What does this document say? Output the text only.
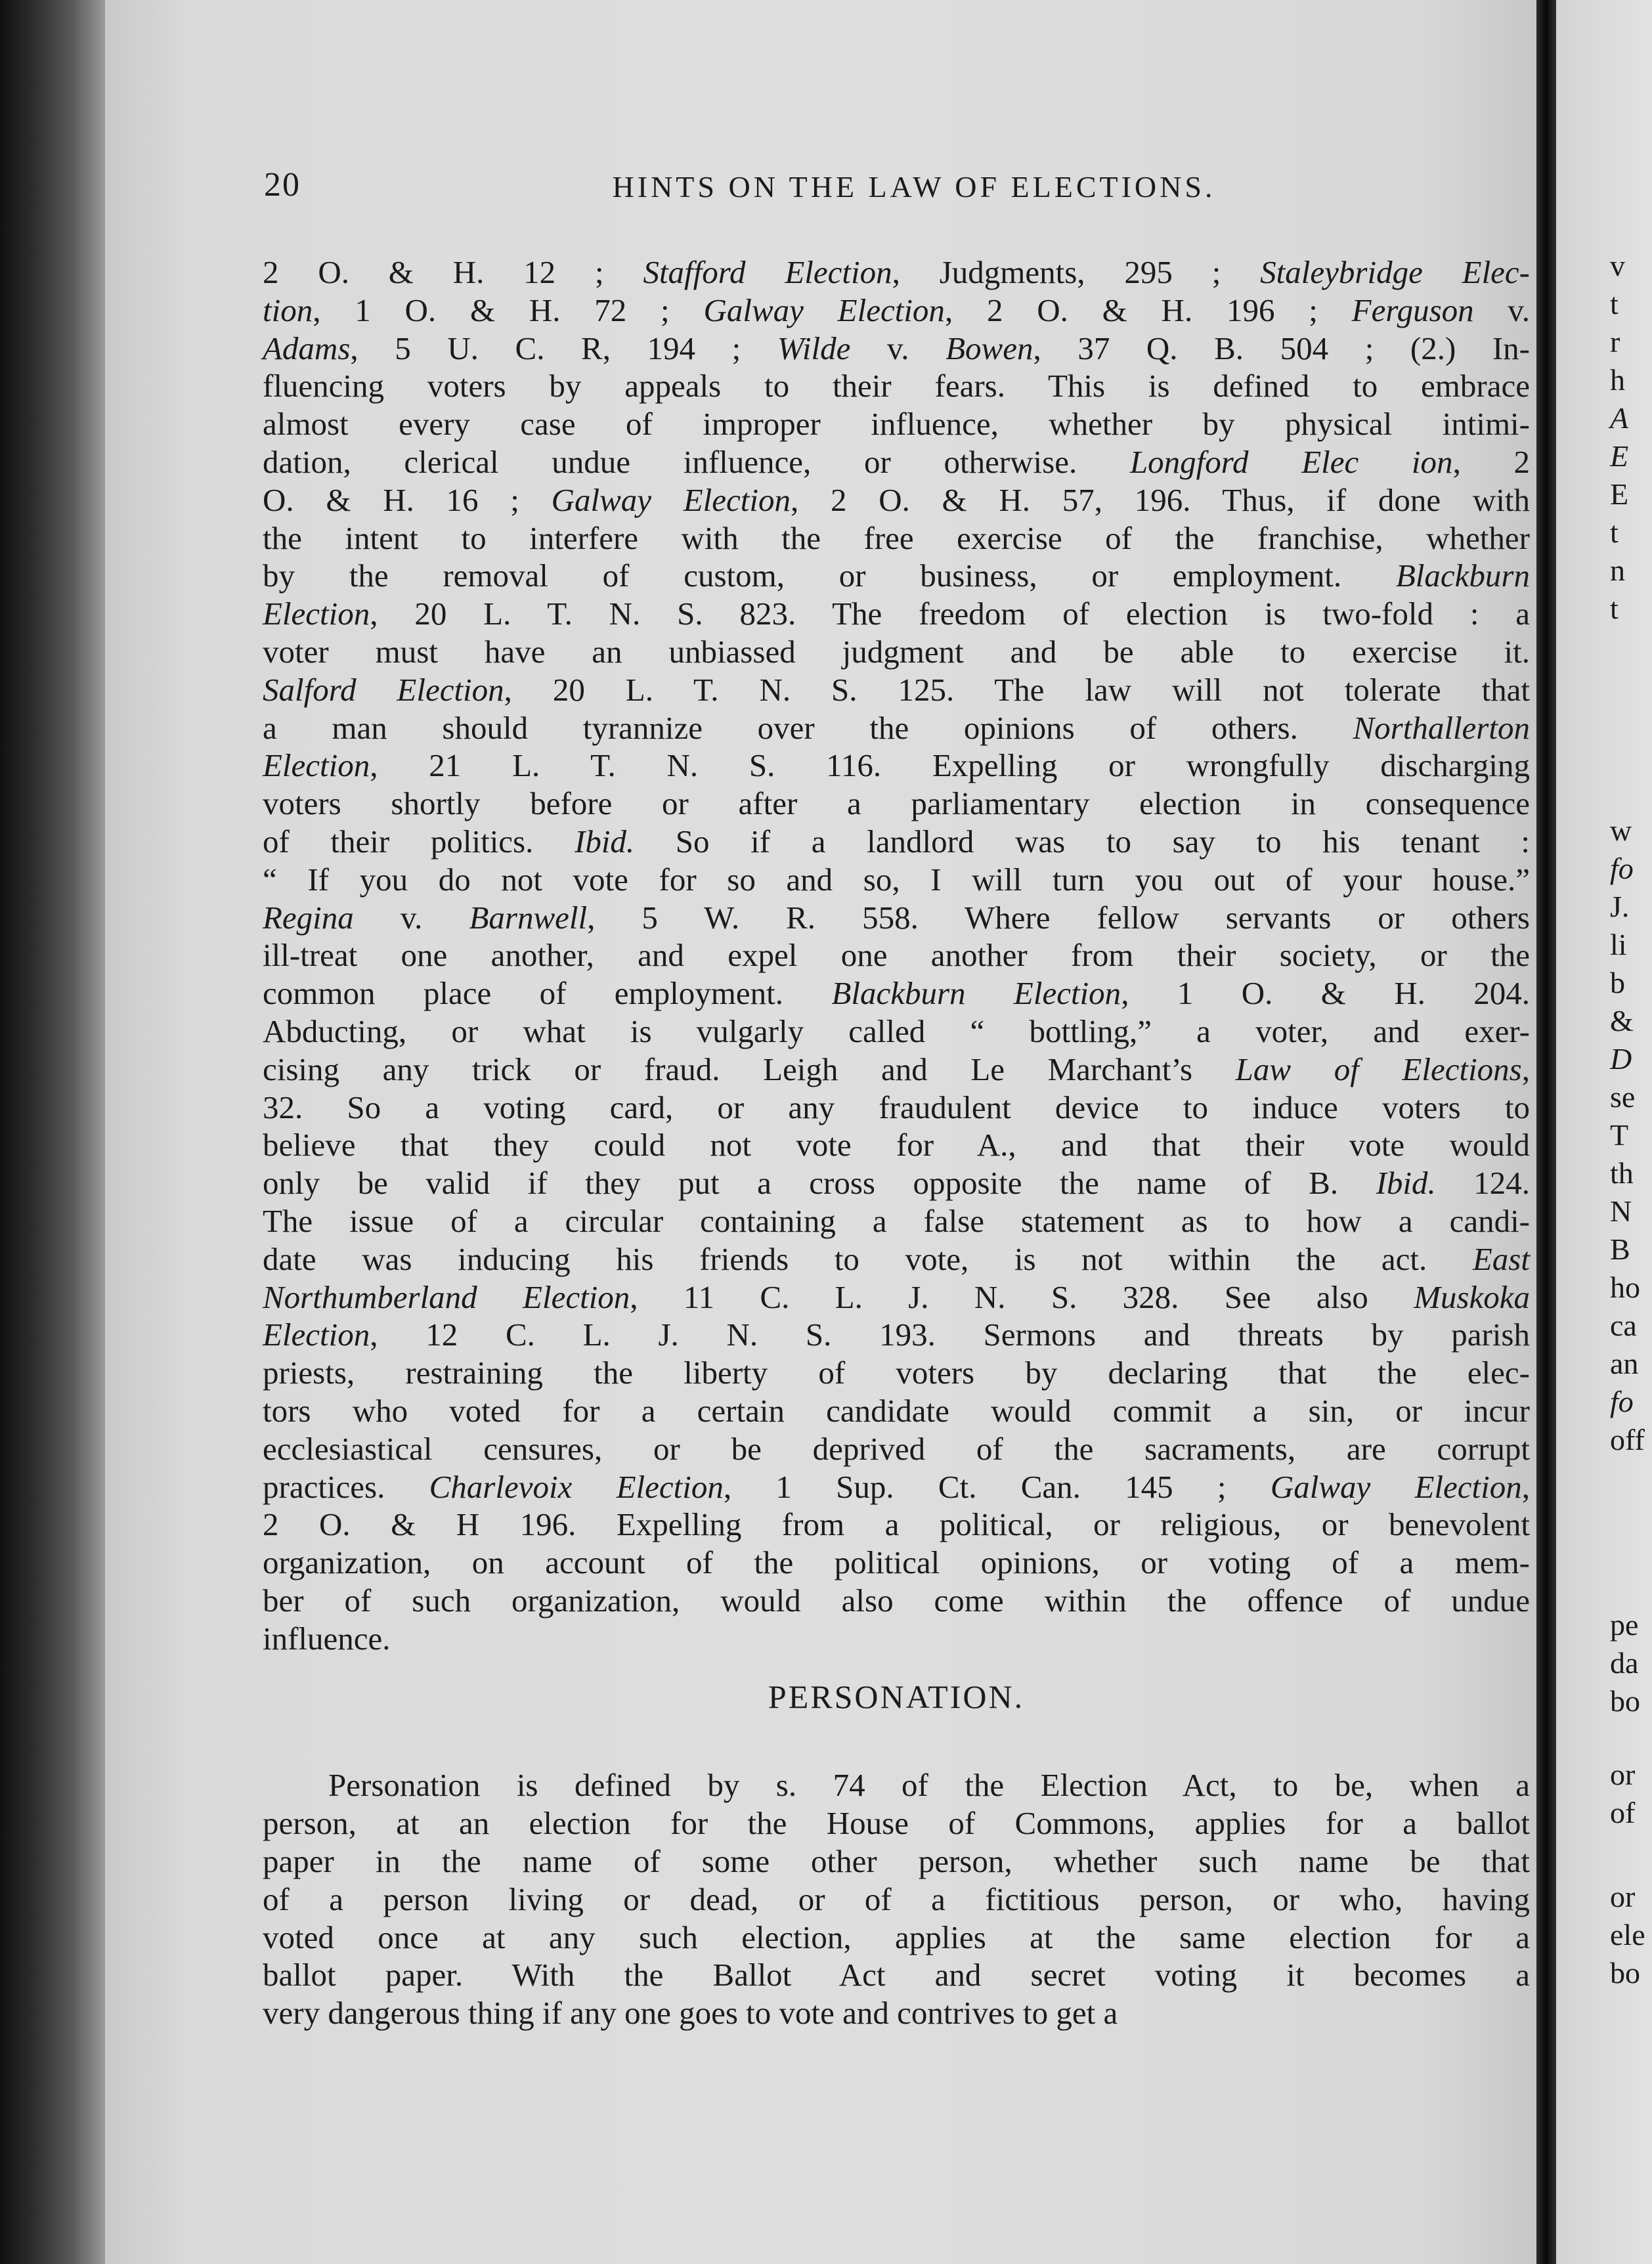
20	HINTS ON THE LAW OF ELECTIONS.
2 O. & H. 12 ; Stafford Election, Judgments, 295 ; Staleybridge Elec-
tion, 1 O. & H. 72 ; Galway Election, 2 O. & H. 196 ; Ferguson v.
Adams, 5 U. C. R, 194 ; Wilde v. Bowen, 37 Q. B. 504 ; (2.) In-
fluencing voters by appeals to their fears. This is defined to embrace
almost every case of improper influence, whether by physical intimi-
dation, clerical undue influence, or otherwise. Longford Elec ion, 2
O. & H. 16 ; Galway Election, 2 O. & H. 57, 196. Thus, if done with
the intent to interfere with the free exercise of the franchise, whether
by the removal of custom, or business, or employment. Blackburn
Election, 20 L. T. N. S. 823. The freedom of election is two-fold : a
voter must have an unbiassed judgment and be able to exercise it.
Salford Election, 20 L. T. N. S. 125. The law will not tolerate that
a man should tyrannize over the opinions of others. Northallerton
Election, 21 L. T. N. S. 116. Expelling or wrongfully discharging
voters shortly before or after a parliamentary election in consequence
of their politics. Ibid. So if a landlord was to say to his tenant :
“ If you do not vote for so and so, I will turn you out of your house.”
Regina v. Barnwell, 5 W. R. 558. Where fellow servants or others
ill-treat one another, and expel one another from their society, or the
common place of employment. Blackburn Election, 1 O. & H. 204.
Abducting, or what is vulgarly called “ bottling,” a voter, and exer-
cising any trick or fraud. Leigh and Le Marchant’s Law of Elections,
32. So a voting card, or any fraudulent device to induce voters to
believe that they could not vote for A., and that their vote would
only be valid if they put a cross opposite the name of B. Ibid. 124.
The issue of a circular containing a false statement as to how a candi-
date was inducing his friends to vote, is not within the act. East
Northumberland Election, 11 C. L. J. N. S. 328. See also Muskoka
Election, 12 C. L. J. N. S. 193. Sermons and threats by parish
priests, restraining the liberty of voters by declaring that the elec-
tors who voted for a certain candidate would commit a sin, or incur
ecclesiastical censures, or be deprived of the sacraments, are corrupt
practices. Charlevoix Election, 1 Sup. Ct. Can. 145 ; Galway Election,
2 O. & H 196. Expelling from a political, or religious, or benevolent
organization, on account of the political opinions, or voting of a mem-
ber of such organization, would also come within the offence of undue
influence.
PERSONATION.
Personation is defined by s. 74 of the Election Act, to be, when a
person, at an election for the House of Commons, applies for a ballot
paper in the name of some other person, whether such name be that
of a person living or dead, or of a fictitious person, or who, having
voted once at any such election, applies at the same election for a
ballot paper. With the Ballot Act and secret voting it becomes a
very dangerous thing if any one goes to vote and contrives to get a
v
t
r
h
A
E
E
t
n
t
w
fo
J.
li
b
&
D
se
T
th
N
B
ho
ca
an
fo
off
pe
da
bo
or
of
or
ele
bo
